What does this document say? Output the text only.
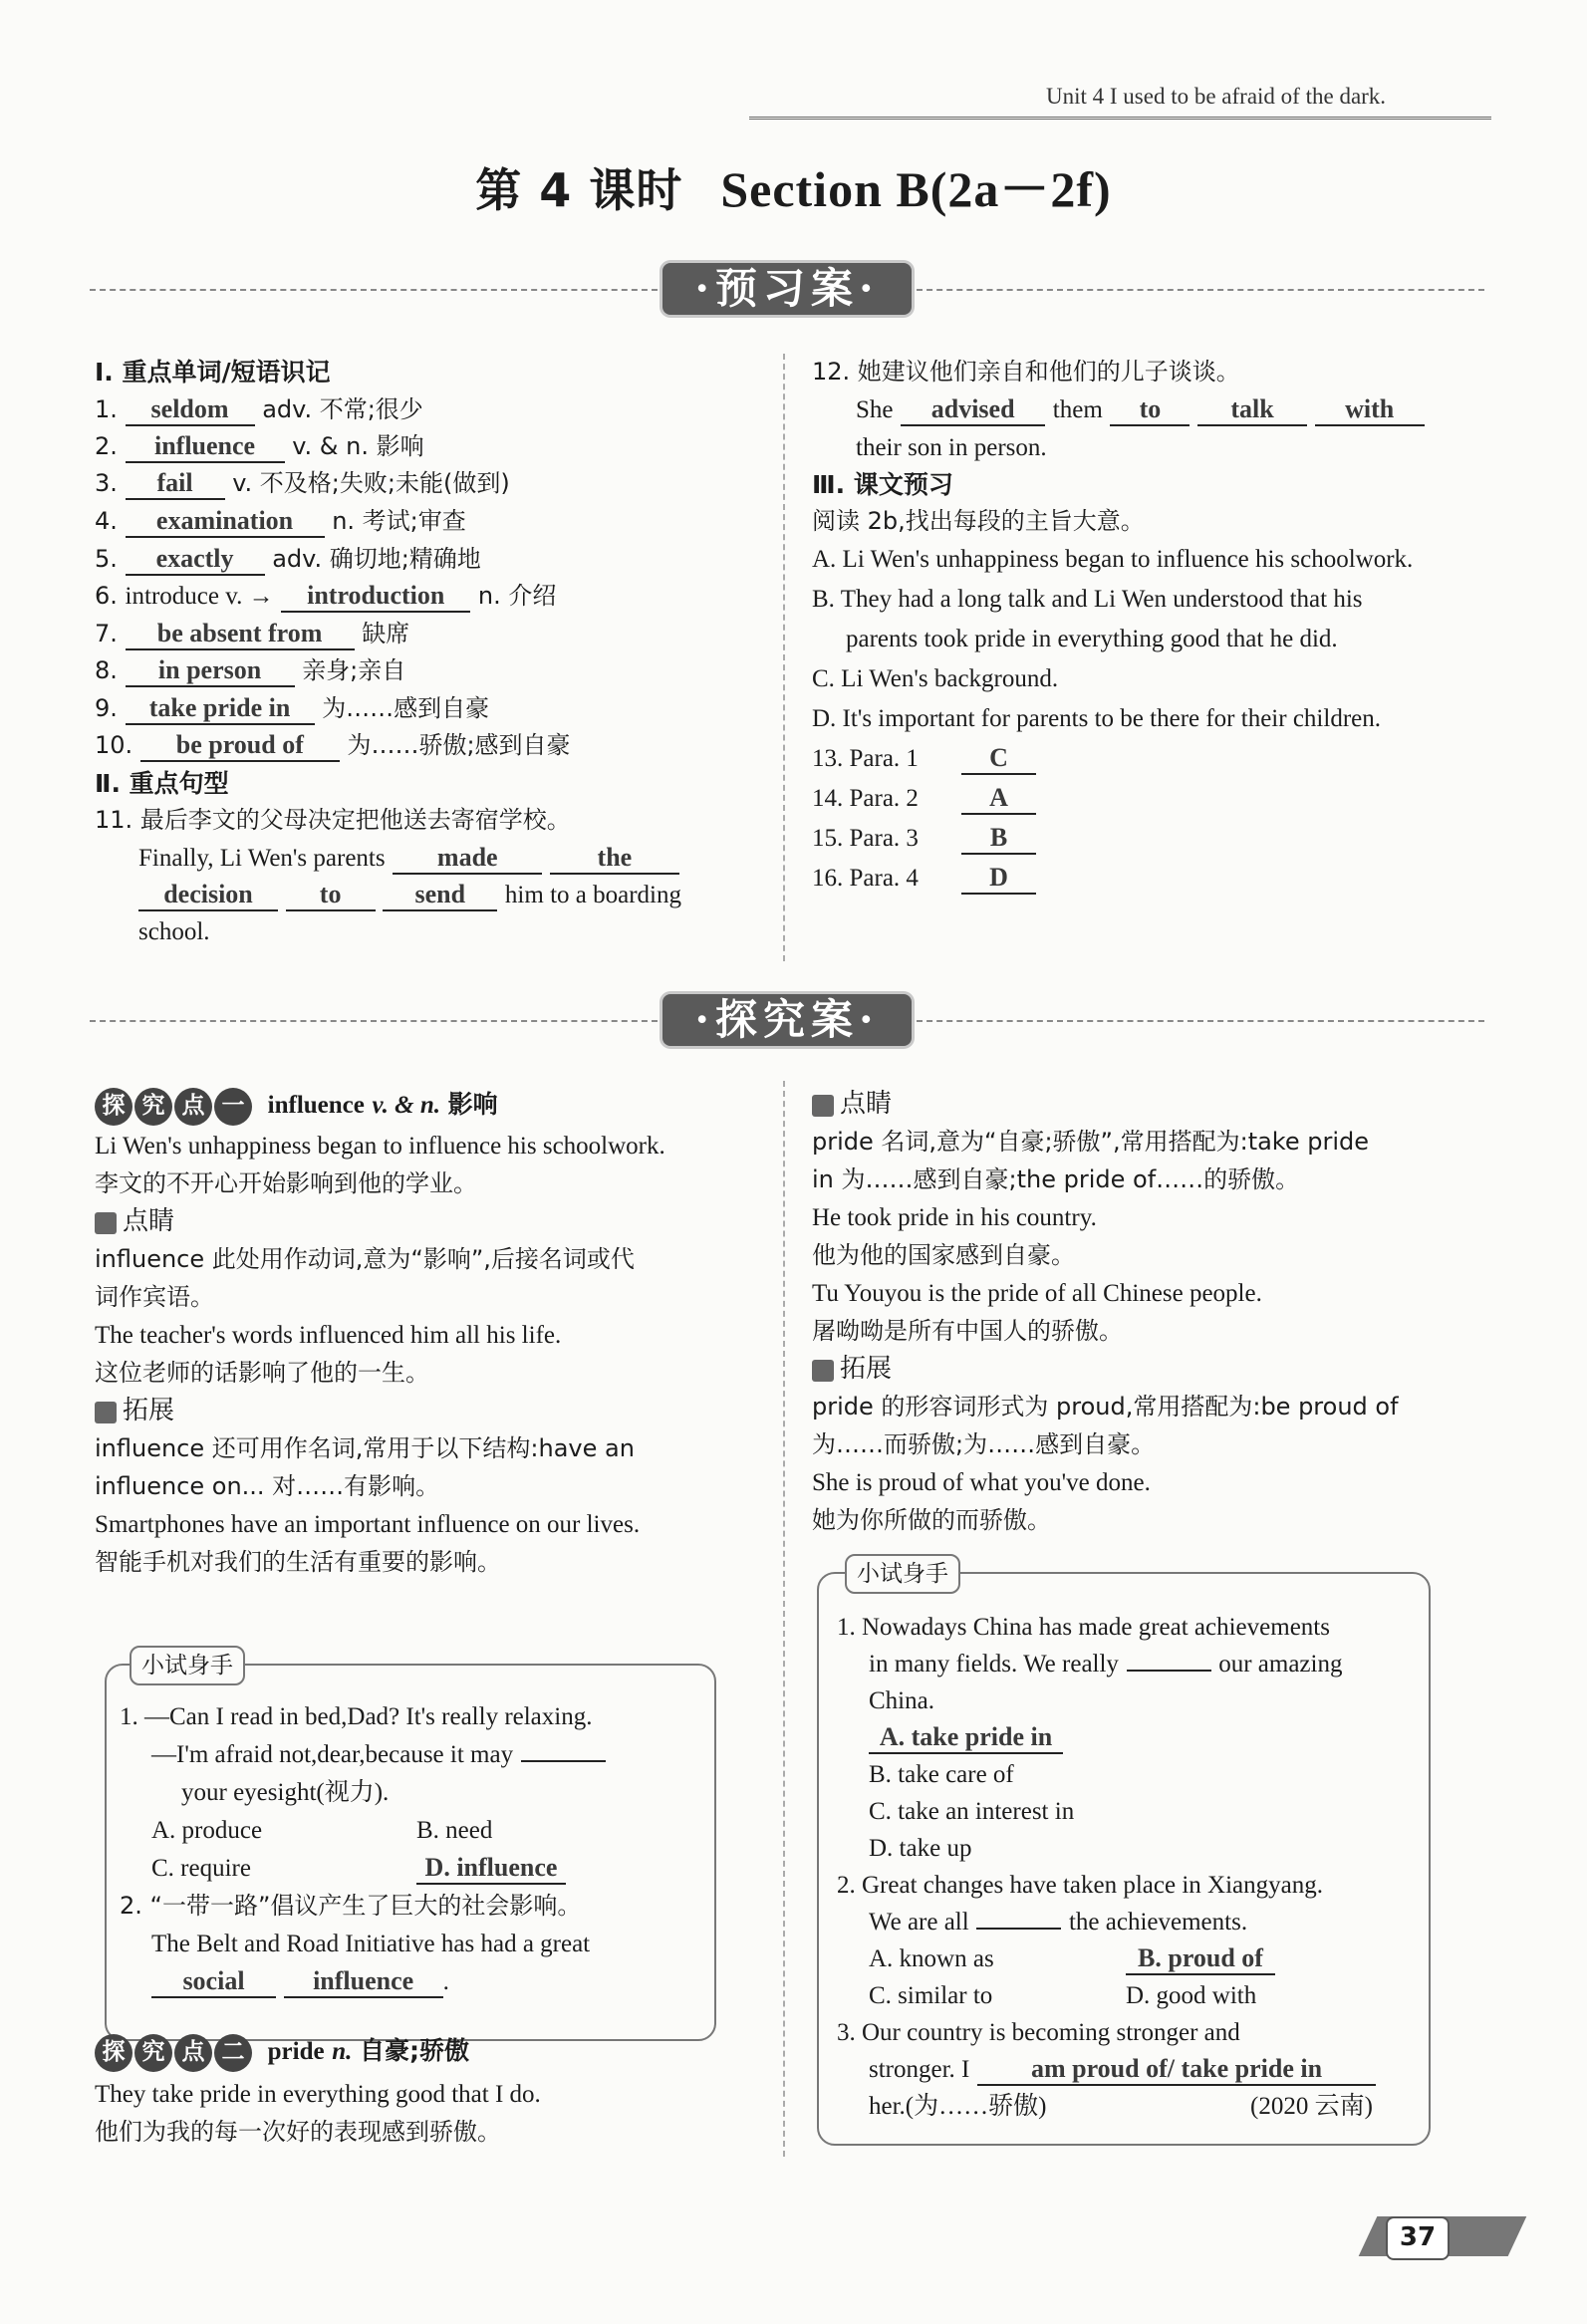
Unit 4 I used to be afraid of the dark.
第 4 课时 Section B(2a－2f)
·预习案·
Ⅰ. 重点单词/短语识记
1. seldom adv. 不常;很少
2. influence v. & n. 影响
3. fail v. 不及格;失败;未能(做到)
4. examination n. 考试;审查
5. exactly adv. 确切地;精确地
6. introduce v. → introduction n. 介绍
7. be absent from 缺席
8. in person 亲身;亲自
9. take pride in 为……感到自豪
10. be proud of 为……骄傲;感到自豪
Ⅱ. 重点句型
11. 最后李文的父母决定把他送去寄宿学校。
Finally, Li Wen's parents made	the
decision	to	send him to a boarding
school.
12. 她建议他们亲自和他们的儿子谈谈。
She advised them to	talk	with
their son in person.
Ⅲ. 课文预习
阅读 2b,找出每段的主旨大意。
A. Li Wen's unhappiness began to influence his schoolwork.
B. They had a long talk and Li Wen understood that his
parents took pride in everything good that he did.
C. Li Wen's background.
D. It's important for parents to be there for their children.
13. Para. 1	C
14. Para. 2	A
15. Para. 3	B
16. Para. 4	D
·探究案·
探 究 点 一 influence v. & n. 影响
Li Wen's unhappiness began to influence his schoolwork.
李文的不开心开始影响到他的学业。
点睛
influence 此处用作动词,意为“影响”,后接名词或代
词作宾语。
The teacher's words influenced him all his life.
这位老师的话影响了他的一生。
拓展
influence 还可用作名词,常用于以下结构:have an
influence on... 对……有影响。
Smartphones have an important influence on our lives.
智能手机对我们的生活有重要的影响。
小试身手
1. —Can I read in bed,Dad? It's really relaxing.
—I'm afraid not,dear,because it may
your eyesight(视力).
A. produce	B. need
C. require	D. influence
2. “一带一路”倡议产生了巨大的社会影响。
The Belt and Road Initiative has had a great
social	influence .
探 究 点 二 pride n. 自豪;骄傲
They take pride in everything good that I do.
他们为我的每一次好的表现感到骄傲。
点睛
pride 名词,意为“自豪;骄傲”,常用搭配为:take pride
in 为……感到自豪;the pride of……的骄傲。
He took pride in his country.
他为他的国家感到自豪。
Tu Youyou is the pride of all Chinese people.
屠呦呦是所有中国人的骄傲。
拓展
pride 的形容词形式为 proud,常用搭配为:be proud of
为……而骄傲;为……感到自豪。
She is proud of what you've done.
她为你所做的而骄傲。
小试身手
1. Nowadays China has made great achievements
in many fields. We really	our amazing
China.
A. take pride in
B. take care of
C. take an interest in
D. take up
2. Great changes have taken place in Xiangyang.
We are all	the achievements.
A. known as	B. proud of
C. similar to	D. good with
3. Our country is becoming stronger and
stronger. I am proud of/ take pride in
her.(为……骄傲)	(2020 云南)
37
